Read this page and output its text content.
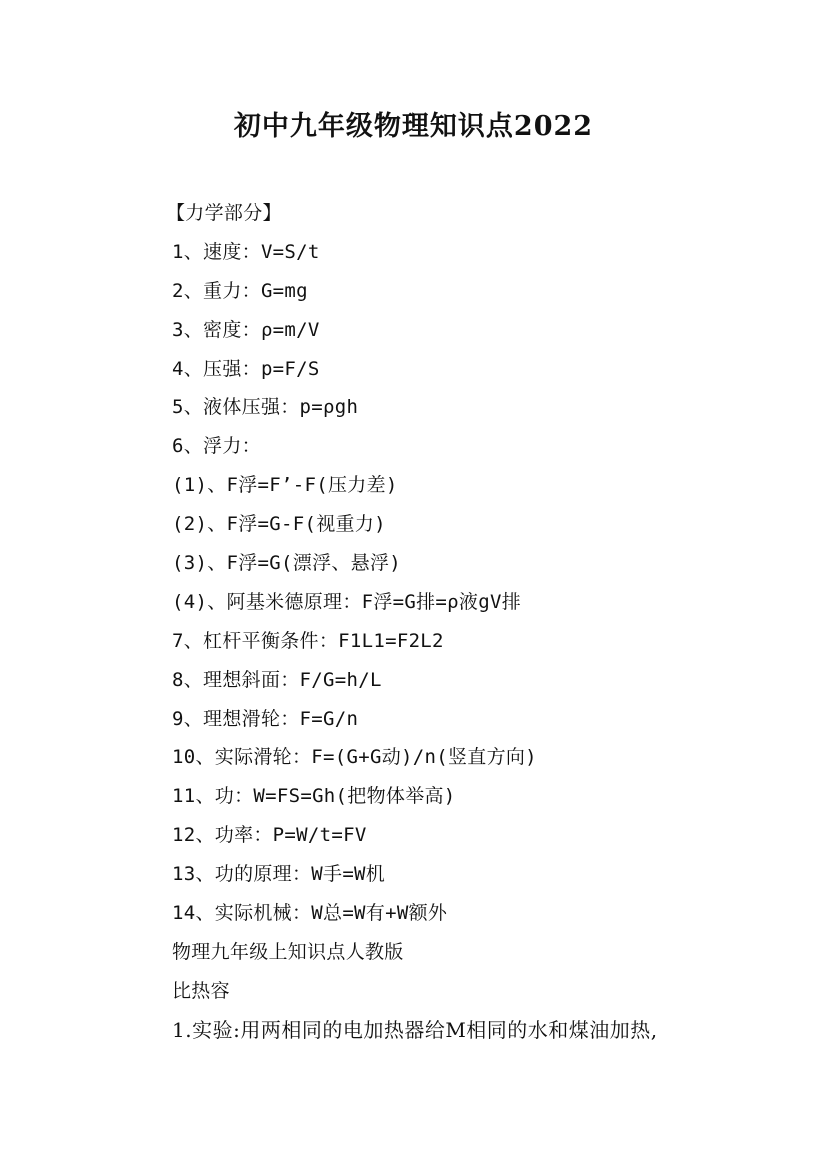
初中九年级物理知识点2022
【力学部分】
1、速度：V=S/t
2、重力：G=mg
3、密度：ρ=m/V
4、压强：p=F/S
5、液体压强：p=ρgh
6、浮力：
(1)、F浮=F’-F(压力差)
(2)、F浮=G-F(视重力)
(3)、F浮=G(漂浮、悬浮)
(4)、阿基米德原理：F浮=G排=ρ液gV排
7、杠杆平衡条件：F1L1=F2L2
8、理想斜面：F/G=h/L
9、理想滑轮：F=G/n
10、实际滑轮：F=(G+G动)/n(竖直方向)
11、功：W=FS=Gh(把物体举高)
12、功率：P=W/t=FV
13、功的原理：W手=W机
14、实际机械：W总=W有+W额外
物理九年级上知识点人教版
比热容
1.实验:用两相同的电加热器给M相同的水和煤油加热,
